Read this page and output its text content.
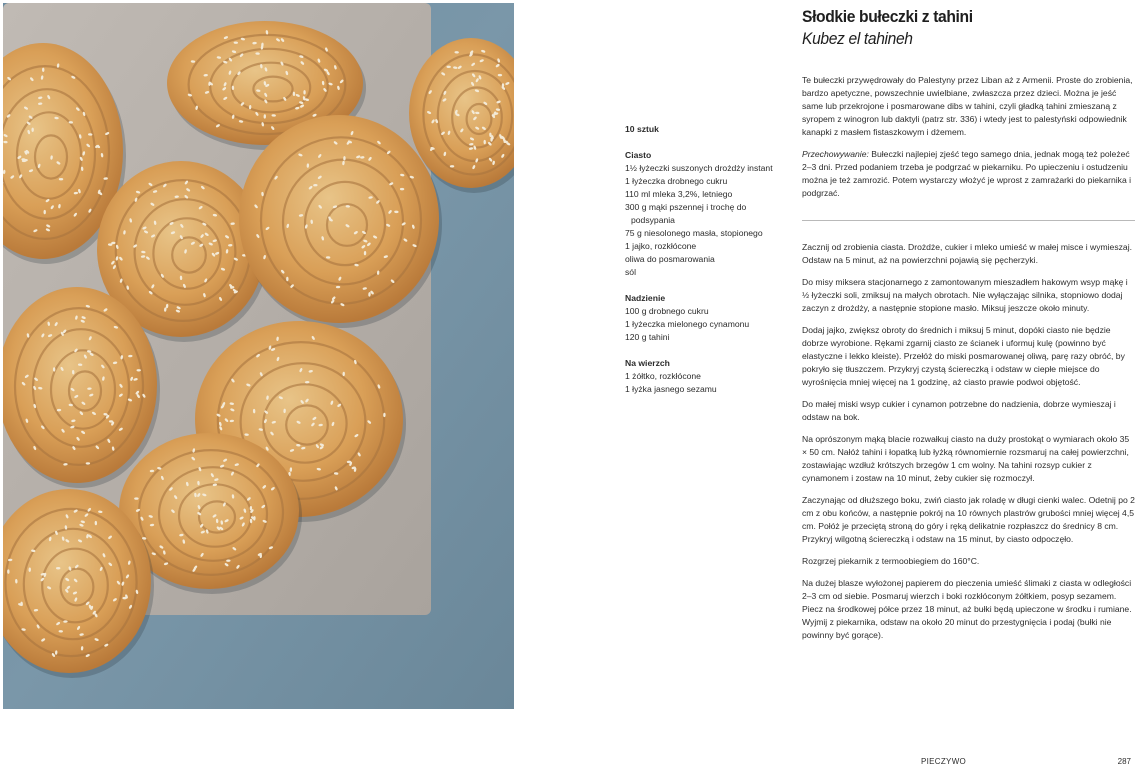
Słodkie bułeczki z tahini
Kubez el tahineh
10 sztuk
Ciasto
1½ łyżeczki suszonych drożdży instant
1 łyżeczka drobnego cukru
110 ml mleka 3,2%, letniego
300 g mąki pszennej i trochę do
podsypania
75 g niesolonego masła, stopionego
1 jajko, rozkłócone
oliwa do posmarowania
sól
Nadzienie
100 g drobnego cukru
1 łyżeczka mielonego cynamonu
120 g tahini
Na wierzch
1 żółtko, rozkłócone
1 łyżka jasnego sezamu

Te bułeczki przywędrowały do Palestyny przez Liban aż z Armenii. Proste do zrobienia, bardzo apetyczne, powszechnie uwielbiane, zwłaszcza przez dzieci. Można je jeść same lub przekrojone i posmarowane dibs w tahini, czyli gładką tahini zmieszaną z syropem z winogron lub daktyli (patrz str. 336) i wtedy jest to palestyński odpowiednik kanapki z masłem fistaszkowym i dżemem.

Przechowywanie: Bułeczki najlepiej zjeść tego samego dnia, jednak mogą też poleżeć 2–3 dni. Przed podaniem trzeba je podgrzać w piekarniku. Po upieczeniu i ostudzeniu można je też zamrozić. Potem wystarczy włożyć je wprost z zamrażarki do piekarnika i podgrzać.

Zacznij od zrobienia ciasta. Drożdże, cukier i mleko umieść w małej misce i wymieszaj. Odstaw na 5 minut, aż na powierzchni pojawią się pęcherzyki.

Do misy miksera stacjonarnego z zamontowanym mieszadłem hakowym wsyp mąkę i ½ łyżeczki soli, zmiksuj na małych obrotach. Nie wyłączając silnika, stopniowo dodaj zaczyn z drożdży, a następnie stopione masło. Miksuj jeszcze około minuty.

Dodaj jajko, zwiększ obroty do średnich i miksuj 5 minut, dopóki ciasto nie będzie dobrze wyrobione. Rękami zgarnij ciasto ze ścianek i uformuj kulę (powinno być elastyczne i lekko kleiste). Przełóż do miski posmarowanej oliwą, parę razy obróć, by pokryło się tłuszczem. Przykryj czystą ściereczką i odstaw w ciepłe miejsce do wyrośnięcia mniej więcej na 1 godzinę, aż ciasto prawie podwoi objętość.

Do małej miski wsyp cukier i cynamon potrzebne do nadzienia, dobrze wymieszaj i odstaw na bok.

Na oprószonym mąką blacie rozwałkuj ciasto na duży prostokąt o wymiarach około 35 × 50 cm. Nałóż tahini i łopatką lub łyżką równomiernie rozsmaruj na całej powierzchni, zostawiając wzdłuż krótszych brzegów 1 cm wolny. Na tahini rozsyp cukier z cynamonem i zostaw na 10 minut, żeby cukier się rozmoczył.

Zaczynając od dłuższego boku, zwiń ciasto jak roladę w długi cienki walec. Odetnij po 2 cm z obu końców, a następnie pokrój na 10 równych plastrów grubości mniej więcej 4,5 cm. Połóż je przeciętą stroną do góry i ręką delikatnie rozpłaszcz do średnicy 8 cm. Przykryj wilgotną ściereczką i odstaw na 15 minut, by ciasto odpoczęło.

Rozgrzej piekarnik z termoobiegiem do 160°C.

Na dużej blasze wyłożonej papierem do pieczenia umieść ślimaki z ciasta w odległości 2–3 cm od siebie. Posmaruj wierzch i boki rozkłóconym żółtkiem, posyp sezamem. Piecz na środkowej półce przez 18 minut, aż bułki będą upieczone w środku i rumiane. Wyjmij z piekarnika, odstaw na około 20 minut do przestygnięcia i podaj (bułki nie powinny być gorące).

PIECZYWO	287
